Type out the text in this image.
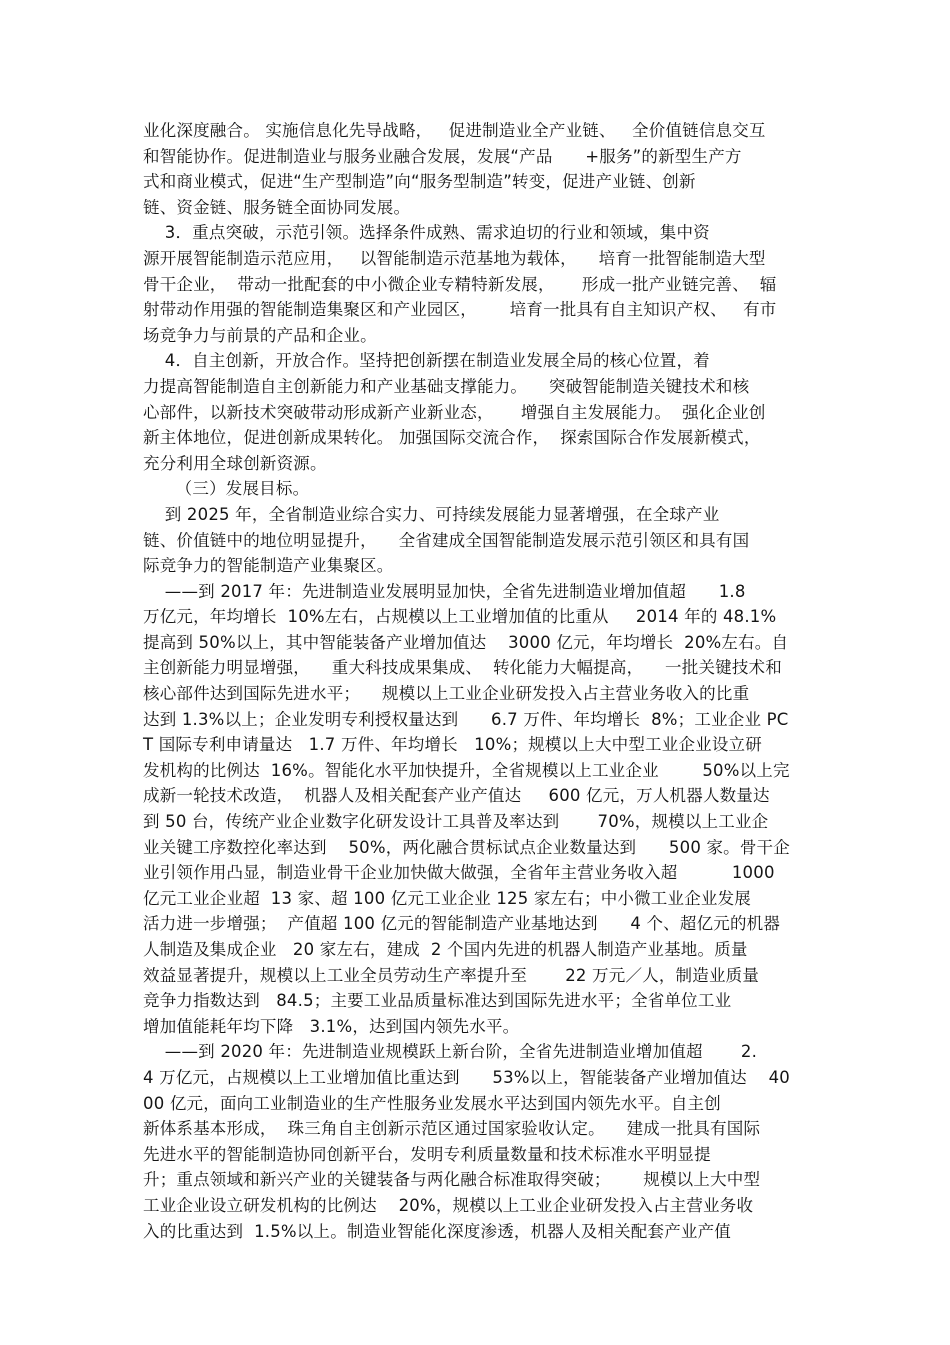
业化深度融合。 实施信息化先导战略，   促进制造业全产业链、   全价值链信息交互
和智能协作。促进制造业与服务业融合发展，发展“产品      +服务”的新型生产方
式和商业模式，促进“生产型制造”向“服务型制造”转变，促进产业链、创新
链、资金链、服务链全面协同发展。
3．重点突破，示范引领。选择条件成熟、需求迫切的行业和领域，集中资
源开展智能制造示范应用，   以智能制造示范基地为载体，    培育一批智能制造大型
骨干企业，  带动一批配套的中小微企业专精特新发展，     形成一批产业链完善、  辐
射带动作用强的智能制造集聚区和产业园区，      培育一批具有自主知识产权、   有市
场竞争力与前景的产品和企业。
4．自主创新，开放合作。坚持把创新摆在制造业发展全局的核心位置，着
力提高智能制造自主创新能力和产业基础支撑能力。    突破智能制造关键技术和核
心部件，以新技术突破带动形成新产业新业态，     增强自主发展能力。  强化企业创
新主体地位，促进创新成果转化。 加强国际交流合作，  探索国际合作发展新模式，
充分利用全球创新资源。
（三）发展目标。
到 2025 年，全省制造业综合实力、可持续发展能力显著增强，在全球产业
链、价值链中的地位明显提升，    全省建成全国智能制造发展示范引领区和具有国
际竞争力的智能制造产业集聚区。
——到 2017 年：先进制造业发展明显加快，全省先进制造业增加值超      1.8
万亿元，年均增长  10%左右，占规模以上工业增加值的比重从     2014 年的 48.1%
提高到 50%以上，其中智能装备产业增加值达    3000 亿元，年均增长  20%左右。自
主创新能力明显增强，    重大科技成果集成、  转化能力大幅提高，    一批关键技术和
核心部件达到国际先进水平；    规模以上工业企业研发投入占主营业务收入的比重
达到 1.3%以上；企业发明专利授权量达到      6.7 万件、年均增长  8%；工业企业 PC
T 国际专利申请量达   1.7 万件、年均增长   10%；规模以上大中型工业企业设立研
发机构的比例达  16%。智能化水平加快提升，全省规模以上工业企业        50%以上完
成新一轮技术改造，  机器人及相关配套产业产值达     600 亿元，万人机器人数量达
到 50 台，传统产业企业数字化研发设计工具普及率达到       70%，规模以上工业企
业关键工序数控化率达到    50%，两化融合贯标试点企业数量达到      500 家。骨干企
业引领作用凸显，制造业骨干企业加快做大做强，全省年主营业务收入超          1000
亿元工业企业超  13 家、超 100 亿元工业企业 125 家左右；中小微工业企业发展
活力进一步增强；  产值超 100 亿元的智能制造产业基地达到      4 个、超亿元的机器
人制造及集成企业   20 家左右，建成  2 个国内先进的机器人制造产业基地。质量
效益显著提升，规模以上工业全员劳动生产率提升至       22 万元／人，制造业质量
竞争力指数达到   84.5；主要工业品质量标准达到国际先进水平；全省单位工业
增加值能耗年均下降   3.1%，达到国内领先水平。
——到 2020 年：先进制造业规模跃上新台阶，全省先进制造业增加值超       2.
4 万亿元，占规模以上工业增加值比重达到      53%以上，智能装备产业增加值达    40
00 亿元，面向工业制造业的生产性服务业发展水平达到国内领先水平。自主创
新体系基本形成，  珠三角自主创新示范区通过国家验收认定。    建成一批具有国际
先进水平的智能制造协同创新平台，发明专利质量数量和技术标准水平明显提
升；重点领域和新兴产业的关键装备与两化融合标准取得突破；      规模以上大中型
工业企业设立研发机构的比例达    20%，规模以上工业企业研发投入占主营业务收
入的比重达到  1.5%以上。制造业智能化深度渗透，机器人及相关配套产业产值
